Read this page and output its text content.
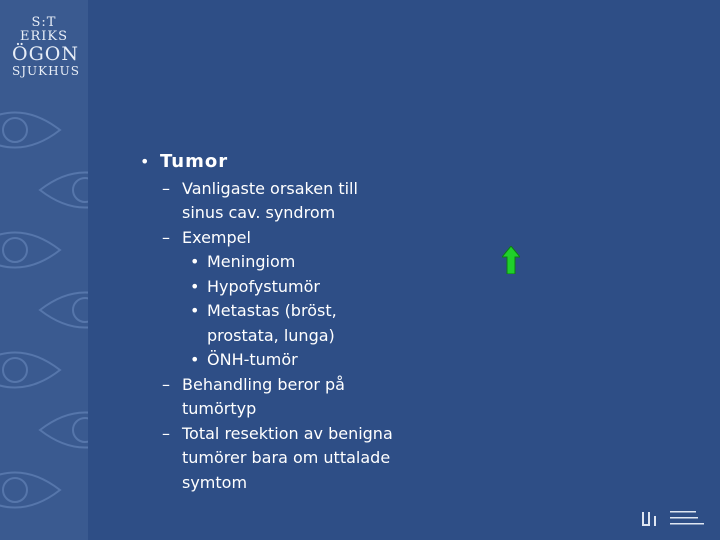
S:T ERIKS
ÖGON
SJUKHUS
• Tumor
– Vanligaste orsaken till sinus cav. syndrom
– Exempel
• Meningiom
• Hypofystumör
• Metastas (bröst, prostata, lunga)
• ÖNH-tumör
– Behandling beror på tumörtyp
– Total resektion av benigna tumörer bara om uttalade symtom
